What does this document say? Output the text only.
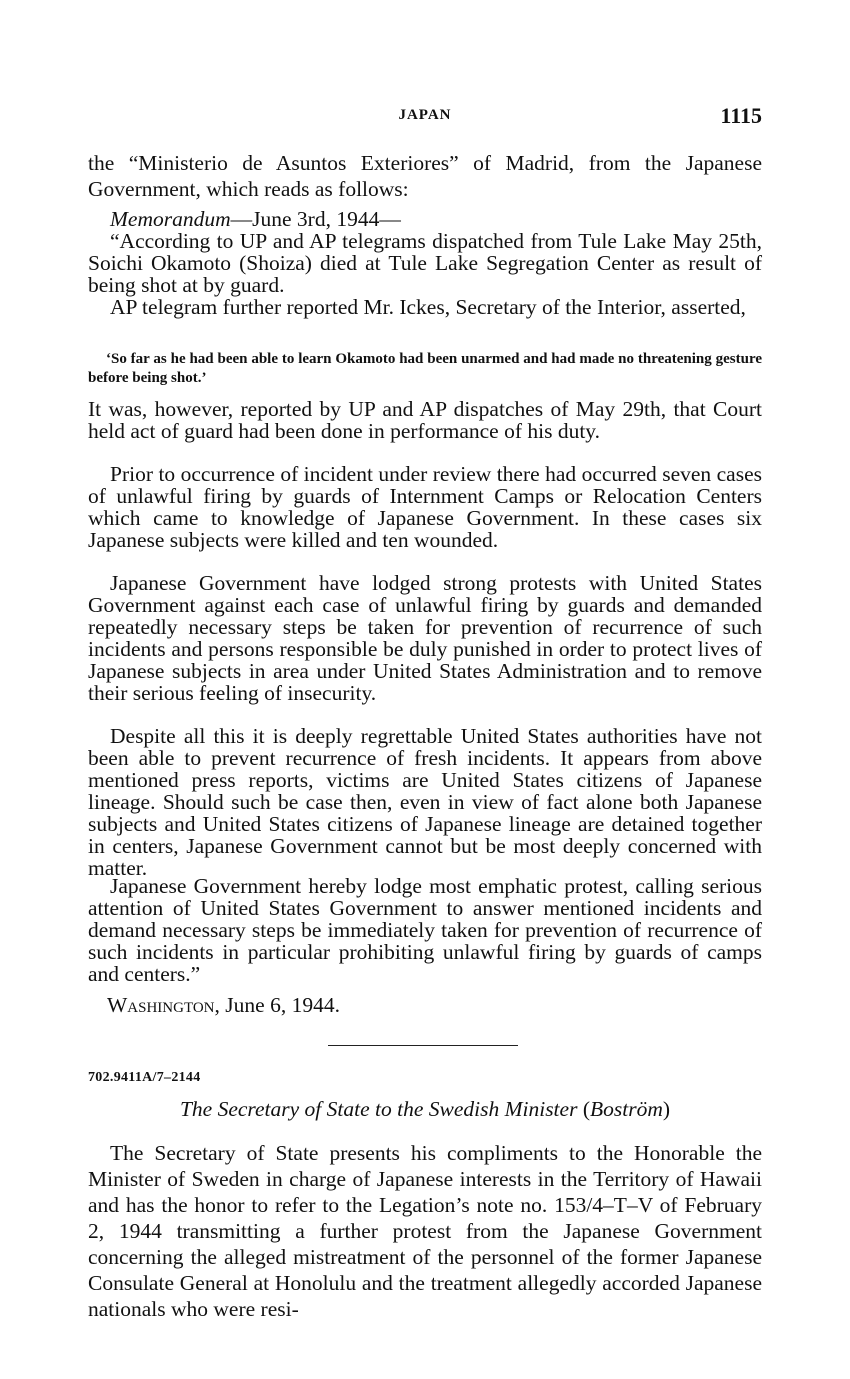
JAPAN	1115

the “Ministerio de Asuntos Exteriores” of Madrid, from the Japanese Government, which reads as follows:

Memorandum—June 3rd, 1944—

“According to UP and AP telegrams dispatched from Tule Lake May 25th, Soichi Okamoto (Shoiza) died at Tule Lake Segregation Center as result of being shot at by guard.

AP telegram further reported Mr. Ickes, Secretary of the Interior, asserted,

‘So far as he had been able to learn Okamoto had been unarmed and had made no threatening gesture before being shot.’

It was, however, reported by UP and AP dispatches of May 29th, that Court held act of guard had been done in performance of his duty.

Prior to occurrence of incident under review there had occurred seven cases of unlawful firing by guards of Internment Camps or Relocation Centers which came to knowledge of Japanese Government. In these cases six Japanese subjects were killed and ten wounded.

Japanese Government have lodged strong protests with United States Government against each case of unlawful firing by guards and demanded repeatedly necessary steps be taken for prevention of recurrence of such incidents and persons responsible be duly punished in order to protect lives of Japanese subjects in area under United States Administration and to remove their serious feeling of insecurity.

Despite all this it is deeply regrettable United States authorities have not been able to prevent recurrence of fresh incidents. It appears from above mentioned press reports, victims are United States citizens of Japanese lineage. Should such be case then, even in view of fact alone both Japanese subjects and United States citizens of Japanese lineage are detained together in centers, Japanese Government cannot but be most deeply concerned with matter.

Japanese Government hereby lodge most emphatic protest, calling serious attention of United States Government to answer mentioned incidents and demand necessary steps be immediately taken for prevention of recurrence of such incidents in particular prohibiting unlawful firing by guards of camps and centers.”

Washington, June 6, 1944.
702.9411A/7–2144
The Secretary of State to the Swedish Minister (Boström)

The Secretary of State presents his compliments to the Honorable the Minister of Sweden in charge of Japanese interests in the Territory of Hawaii and has the honor to refer to the Legation’s note no. 153/4–T–V of February 2, 1944 transmitting a further protest from the Japanese Government concerning the alleged mistreatment of the personnel of the former Japanese Consulate General at Honolulu and the treatment allegedly accorded Japanese nationals who were resi-
